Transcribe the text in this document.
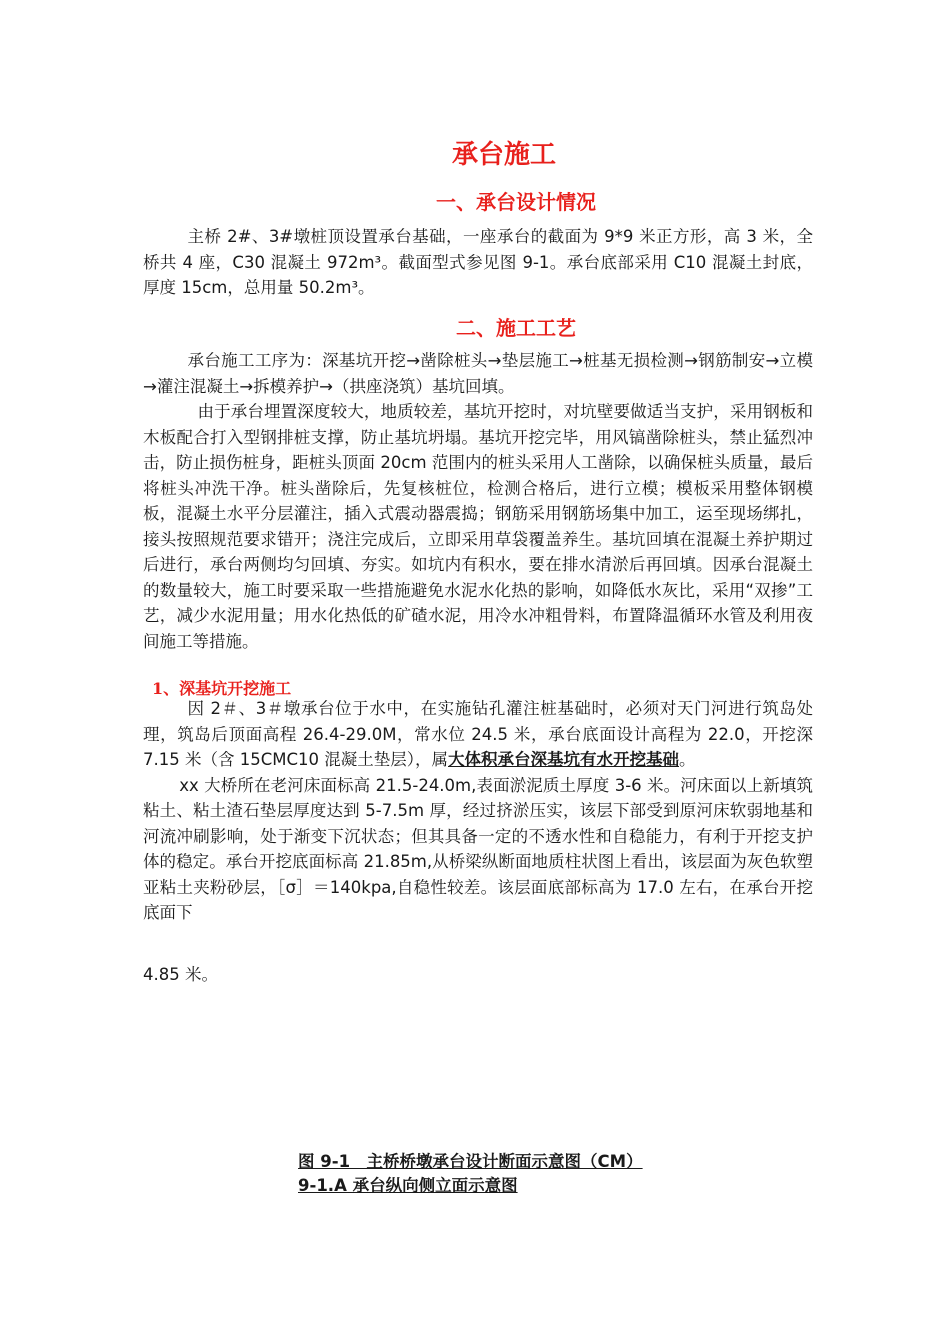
承台施工
一、承台设计情况

主桥 2#、3#墩桩顶设置承台基础，一座承台的截面为 9*9 米正方形，高 3 米，全桥共 4 座，C30 混凝土 972m³。截面型式参见图 9-1。承台底部采用 C10 混凝土封底，厚度 15cm，总用量 50.2m³。

二、施工工艺

承台施工工序为：深基坑开挖→凿除桩头→垫层施工→桩基无损检测→钢筋制安→立模→灌注混凝土→拆模养护→（拱座浇筑）基坑回填。

由于承台埋置深度较大，地质较差，基坑开挖时，对坑壁要做适当支护，采用钢板和木板配合打入型钢排桩支撑，防止基坑坍塌。基坑开挖完毕，用风镐凿除桩头，禁止猛烈冲击，防止损伤桩身，距桩头顶面 20cm 范围内的桩头采用人工凿除，以确保桩头质量，最后将桩头冲洗干净。桩头凿除后，先复核桩位，检测合格后，进行立模；模板采用整体钢模板，混凝土水平分层灌注，插入式震动器震捣；钢筋采用钢筋场集中加工，运至现场绑扎，接头按照规范要求错开；浇注完成后，立即采用草袋覆盖养生。基坑回填在混凝土养护期过后进行，承台两侧均匀回填、夯实。如坑内有积水，要在排水清淤后再回填。因承台混凝土的数量较大，施工时要采取一些措施避免水泥水化热的影响，如降低水灰比，采用“双掺”工艺，减少水泥用量；用水化热低的矿碴水泥，用冷水冲粗骨料，布置降温循环水管及利用夜间施工等措施。

1、深基坑开挖施工

因 2＃、3＃墩承台位于水中，在实施钻孔灌注桩基础时，必须对天门河进行筑岛处理，筑岛后顶面高程 26.4-29.0M，常水位 24.5 米，承台底面设计高程为 22.0，开挖深 7.15 米（含 15CMC10 混凝土垫层），属大体积承台深基坑有水开挖基础。

xx 大桥所在老河床面标高 21.5-24.0m,表面淤泥质土厚度 3-6 米。河床面以上新填筑粘土、粘土渣石垫层厚度达到 5-7.5m 厚，经过挤淤压实，该层下部受到原河床软弱地基和河流冲刷影响，处于渐变下沉状态；但其具备一定的不透水性和自稳能力，有利于开挖支护体的稳定。承台开挖底面标高 21.85m,从桥梁纵断面地质柱状图上看出，该层面为灰色软塑亚粘土夹粉砂层，［σ］＝140kpa,自稳性较差。该层面底部标高为 17.0 左右，在承台开挖底面下

4.85 米。
图 9-1　主桥桥墩承台设计断面示意图（CM）
9-1.A 承台纵向侧立面示意图
